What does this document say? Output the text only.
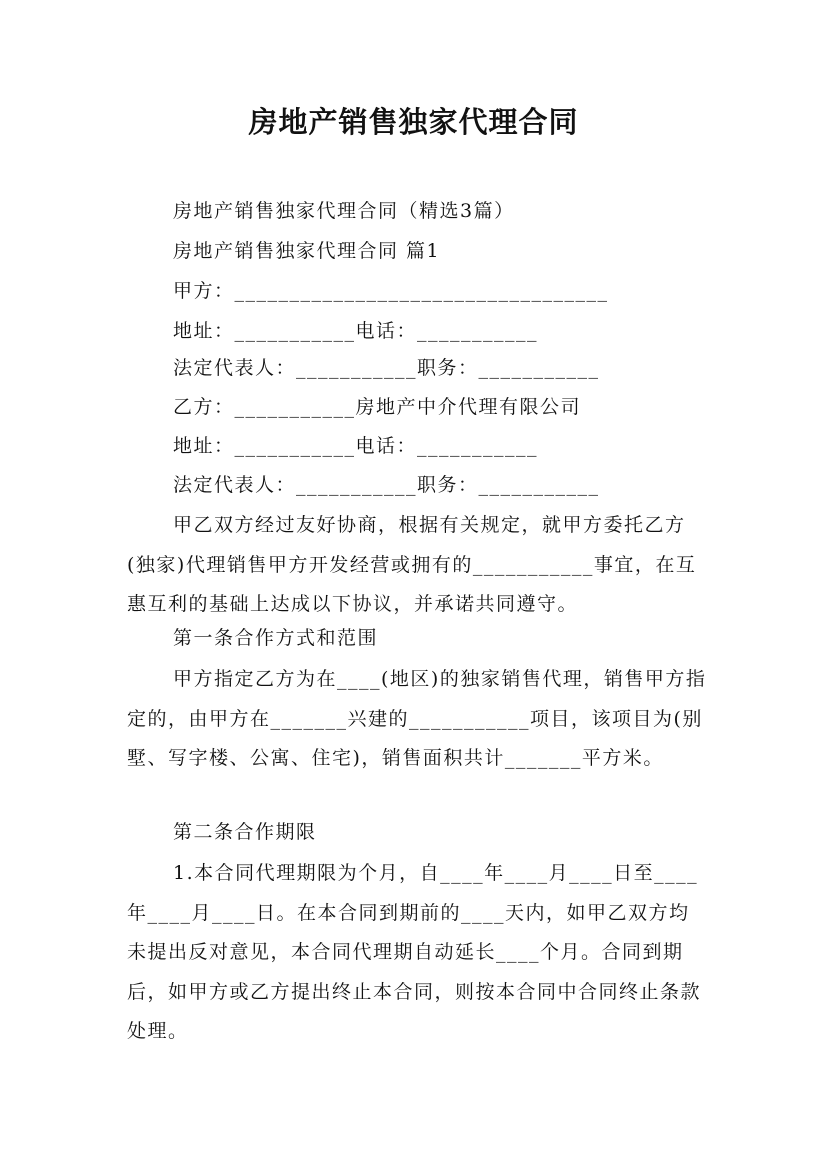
房地产销售独家代理合同
房地产销售独家代理合同（精选3篇）
房地产销售独家代理合同 篇1
甲方：__________________________________
地址：___________电话：___________
法定代表人：___________职务：___________
乙方：___________房地产中介代理有限公司
地址：___________电话：___________
法定代表人：___________职务：___________
甲乙双方经过友好协商，根据有关规定，就甲方委托乙方(独家)代理销售甲方开发经营或拥有的___________事宜，在互惠互利的基础上达成以下协议，并承诺共同遵守。
第一条合作方式和范围
甲方指定乙方为在____(地区)的独家销售代理，销售甲方指定的，由甲方在_______兴建的___________项目，该项目为(别墅、写字楼、公寓、住宅)，销售面积共计_______平方米。
第二条合作期限
1.本合同代理期限为个月，自____年____月____日至____年____月____日。在本合同到期前的____天内，如甲乙双方均未提出反对意见，本合同代理期自动延长____个月。合同到期后，如甲方或乙方提出终止本合同，则按本合同中合同终止条款处理。
